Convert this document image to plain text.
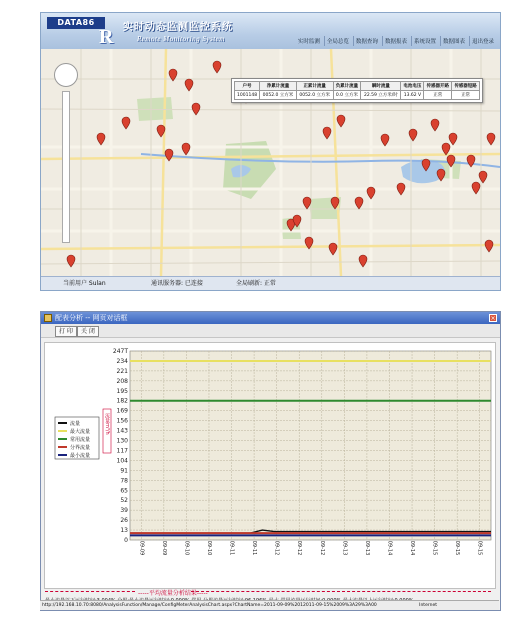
DATA86
R 实时动态监测监控系统
Remote Monitoring System	实时监测	全局总览	数据查询	数据报表	系统设置	数据图表	退出登录
户号	净累计流量	正累计流量	负累计流量	瞬时流量	电池电压	传感器开路	传感器短路
1001148	0052.0 立方米	0052.0 立方米	0.0 立方米	22.59 立方米/时	13.62 V	正常	正常
当前用户 Sulan	通讯服务器: 已连接	全局刷新: 正常
配表分析 -- 网页对话框	×
打 印	关 闭
0
13
26
39
52
65
78
91
104
117
130
143
156
169
182
195
208
221
234
247T
09-09	09-09	09-10	09-10	09-11	09-11	09-12	09-12	09-12	09-13	09-13	09-14	09-14	09-15	09-15	09-15
流量m³/h
流量
最大流量
常用流量
分界流量
最小流量
-----平均流量分析结果-----
http://192.168.10.70:8080/AnalysisFunction/Manage/ConfigMeterAnalysisChart.aspx?ChartName=2011-09-09%2012011-09-15%2009%3A29%3A00	Internet
